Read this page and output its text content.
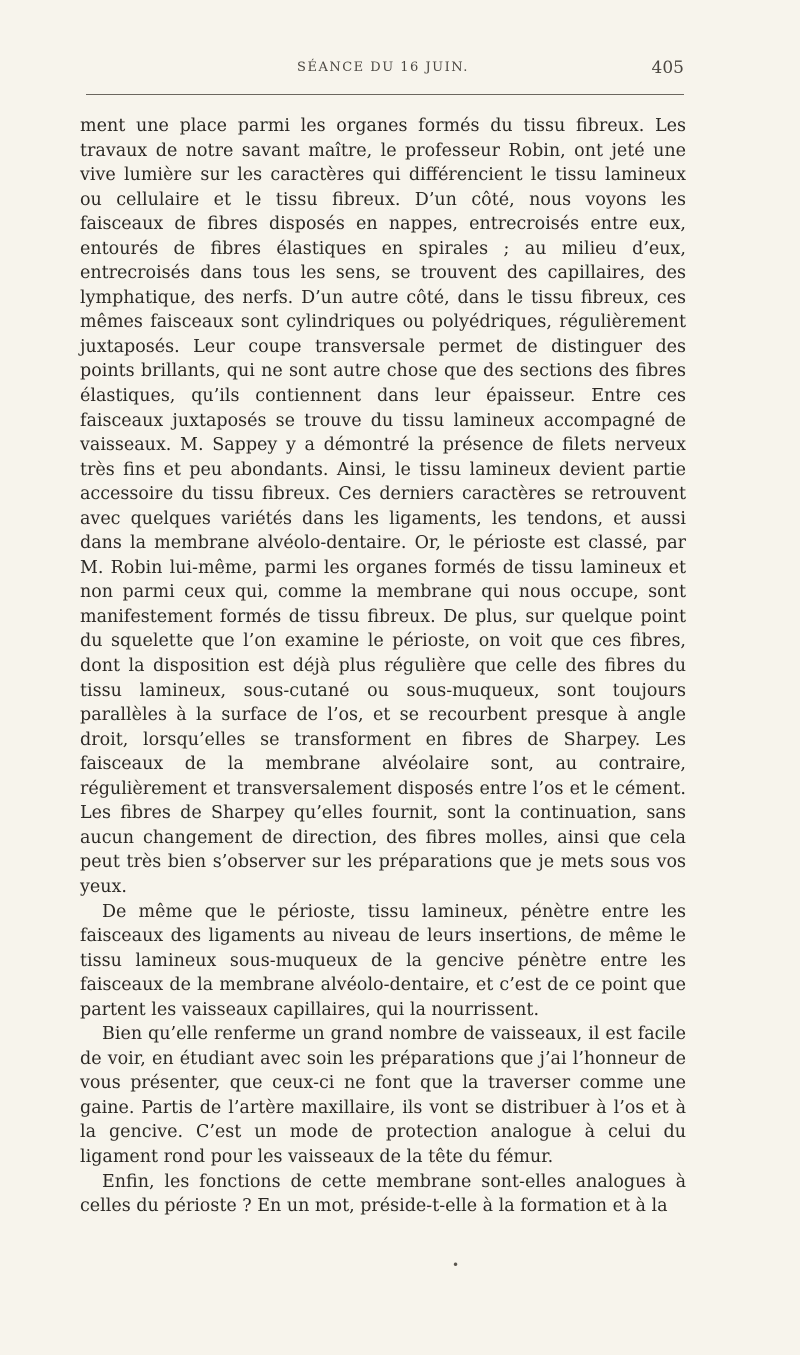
SÉANCE DU 16 JUIN.	405

ment une place parmi les organes formés du tissu fibreux. Les travaux de notre savant maître, le professeur Robin, ont jeté une vive lumière sur les caractères qui différencient le tissu lamineux ou cellulaire et le tissu fibreux. D’un côté, nous voyons les faisceaux de fibres disposés en nappes, entrecroisés entre eux, entourés de fibres élastiques en spirales ; au milieu d’eux, entrecroisés dans tous les sens, se trouvent des capillaires, des lymphatique, des nerfs. D’un autre côté, dans le tissu fibreux, ces mêmes faisceaux sont cylindriques ou polyédriques, régulièrement juxtaposés. Leur coupe transversale permet de distinguer des points brillants, qui ne sont autre chose que des sections des fibres élastiques, qu’ils contiennent dans leur épaisseur. Entre ces faisceaux juxtaposés se trouve du tissu lamineux accompagné de vaisseaux. M. Sappey y a démontré la présence de filets nerveux très fins et peu abondants. Ainsi, le tissu lamineux devient partie accessoire du tissu fibreux. Ces derniers caractères se retrouvent avec quelques variétés dans les ligaments, les tendons, et aussi dans la membrane alvéolo-dentaire. Or, le périoste est classé, par M. Robin lui-même, parmi les organes formés de tissu lamineux et non parmi ceux qui, comme la membrane qui nous occupe, sont manifestement formés de tissu fibreux. De plus, sur quelque point du squelette que l’on examine le périoste, on voit que ces fibres, dont la disposition est déjà plus régulière que celle des fibres du tissu lamineux, sous-cutané ou sous-muqueux, sont toujours parallèles à la surface de l’os, et se recourbent presque à angle droit, lorsqu’elles se transforment en fibres de Sharpey. Les faisceaux de la membrane alvéolaire sont, au contraire, régulièrement et transversalement disposés entre l’os et le cément. Les fibres de Sharpey qu’elles fournit, sont la continuation, sans aucun changement de direction, des fibres molles, ainsi que cela peut très bien s’observer sur les préparations que je mets sous vos yeux.

De même que le périoste, tissu lamineux, pénètre entre les faisceaux des ligaments au niveau de leurs insertions, de même le tissu lamineux sous-muqueux de la gencive pénètre entre les faisceaux de la membrane alvéolo-dentaire, et c’est de ce point que partent les vaisseaux capillaires, qui la nourrissent.

Bien qu’elle renferme un grand nombre de vaisseaux, il est facile de voir, en étudiant avec soin les préparations que j’ai l’honneur de vous présenter, que ceux-ci ne font que la traverser comme une gaine. Partis de l’artère maxillaire, ils vont se distribuer à l’os et à la gencive. C’est un mode de protection analogue à celui du ligament rond pour les vaisseaux de la tête du fémur.

Enfin, les fonctions de cette membrane sont-elles analogues à celles du périoste ? En un mot, préside-t-elle à la formation et à la

•
